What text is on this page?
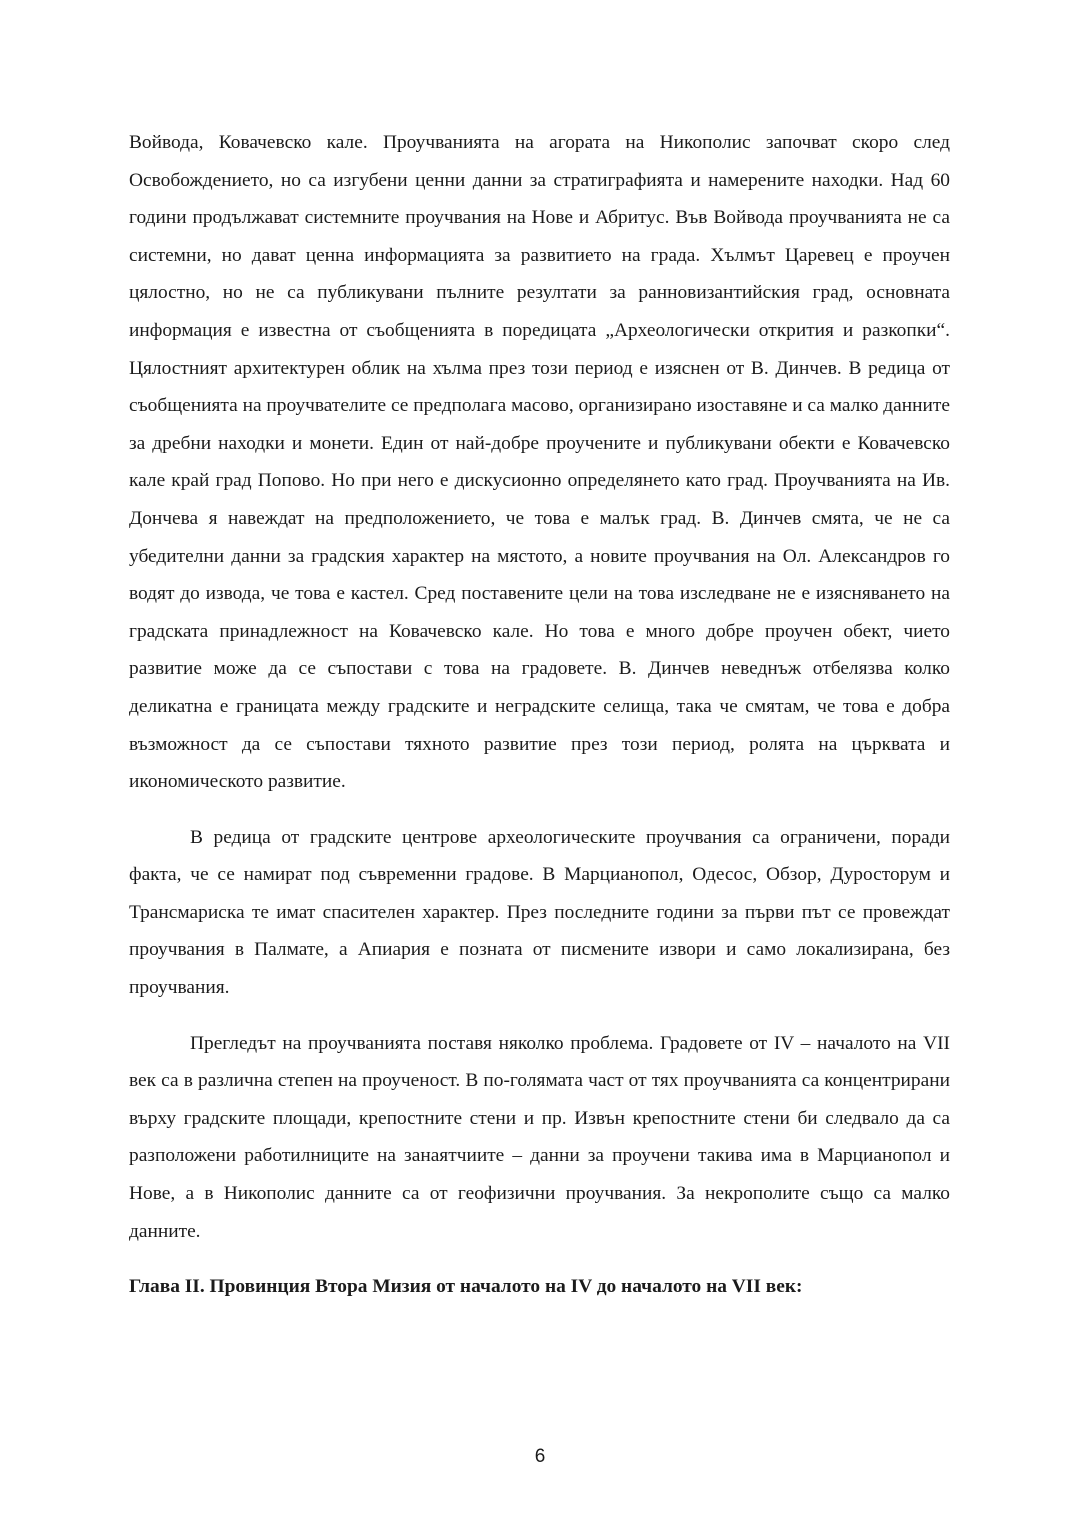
Войвода, Ковачевско кале. Проучванията на агората на Никополис започват скоро след Освобождението, но са изгубени ценни данни за стратиграфията и намерените находки. Над 60 години продължават системните проучвания на Нове и Абритус. Във Войвода проучванията не са системни, но дават ценна информацията за развитието на града. Хълмът Царевец е проучен цялостно, но не са публикувани пълните резултати за ранновизантийския град, основната информация е известна от съобщенията в поредицата „Археологически открития и разкопки“. Цялостният архитектурен облик на хълма през този период е изяснен от В. Динчев. В редица от съобщенията на проучвателите се предполага масово, организирано изоставяне и са малко данните за дребни находки и монети. Един от най-добре проучените и публикувани обекти е Ковачевско кале край град Попово. Но при него е дискусионно определянето като град. Проучванията на Ив. Дончева я навеждат на предположението, че това е малък град. В. Динчев смята, че не са убедителни данни за градския характер на мястото, а новите проучвания на Ол. Александров го водят до извода, че това е кастел. Сред поставените цели на това изследване не е изясняването на градската принадлежност на Ковачевско кале. Но това е много добре проучен обект, чието развитие може да се съпостави с това на градовете. В. Динчев неведнъж отбелязва колко деликатна е границата между градските и неградските селища, така че смятам, че това е добра възможност да се съпостави тяхното развитие през този период, ролята на църквата и икономическото развитие.

В редица от градските центрове археологическите проучвания са ограничени, поради факта, че се намират под съвременни градове. В Марцианопол, Одесос, Обзор, Дуросторум и Трансмариска те имат спасителен характер. През последните години за първи път се провеждат проучвания в Палмате, а Апиария е позната от писмените извори и само локализирана, без проучвания.

Прегледът на проучванията поставя няколко проблема. Градовете от IV – началото на VII век са в различна степен на проученост. В по-голямата част от тях проучванията са концентрирани върху градските площади, крепостните стени и пр. Извън крепостните стени би следвало да са разположени работилниците на занаятчиите – данни за проучени такива има в Марцианопол и Нове, а в Никополис данните са от геофизични проучвания. За некрополите също са малко данните.

Глава II. Провинция Втора Мизия от началото на IV до началото на VII век:

6
